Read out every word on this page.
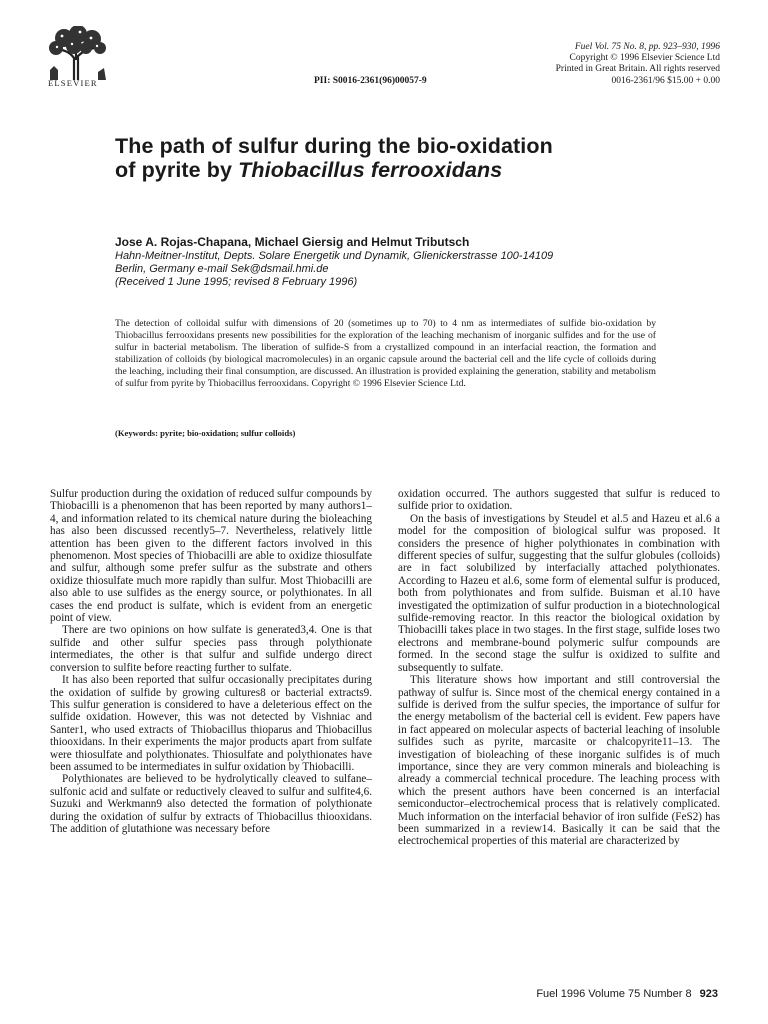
ELSEVIER	PII: S0016-2361(96)00057-9
Fuel Vol. 75 No. 8, pp. 923–930, 1996
Copyright © 1996 Elsevier Science Ltd
Printed in Great Britain. All rights reserved
0016-2361/96 $15.00 + 0.00
The path of sulfur during the bio-oxidation
of pyrite by Thiobacillus ferrooxidans
Jose A. Rojas-Chapana, Michael Giersig and Helmut Tributsch
Hahn-Meitner-Institut, Depts. Solare Energetik und Dynamik, Glienickerstrasse 100-14109
Berlin, Germany e-mail Sek@dsmail.hmi.de
(Received 1 June 1995; revised 8 February 1996)
The detection of colloidal sulfur with dimensions of 20 (sometimes up to 70) to 4 nm as intermediates of sulfide bio-oxidation by Thiobacillus ferrooxidans presents new possibilities for the exploration of the leaching mechanism of inorganic sulfides and for the use of sulfur in bacterial metabolism. The liberation of sulfide-S from a crystallized compound in an interfacial reaction, the formation and stabilization of colloids (by biological macromolecules) in an organic capsule around the bacterial cell and the life cycle of colloids during the leaching, including their final consumption, are discussed. An illustration is provided explaining the generation, stability and metabolism of sulfur from pyrite by Thiobacillus ferrooxidans. Copyright © 1996 Elsevier Science Ltd.
(Keywords: pyrite; bio-oxidation; sulfur colloids)

Sulfur production during the oxidation of reduced sulfur compounds by Thiobacilli is a phenomenon that has been reported by many authors1–4, and information related to its chemical nature during the bioleaching has also been discussed recently5–7. Nevertheless, relatively little attention has been given to the different factors involved in this phenomenon. Most species of Thiobacilli are able to oxidize thiosulfate and sulfur, although some prefer sulfur as the substrate and others oxidize thiosulfate much more rapidly than sulfur. Most Thiobacilli are also able to use sulfides as the energy source, or polythionates. In all cases the end product is sulfate, which is evident from an energetic point of view.

There are two opinions on how sulfate is generated3,4. One is that sulfide and other sulfur species pass through polythionate intermediates, the other is that sulfur and sulfide undergo direct conversion to sulfite before reacting further to sulfate.

It has also been reported that sulfur occasionally precipitates during the oxidation of sulfide by growing cultures8 or bacterial extracts9. This sulfur generation is considered to have a deleterious effect on the sulfide oxidation. However, this was not detected by Vishniac and Santer1, who used extracts of Thiobacillus thioparus and Thiobacillus thiooxidans. In their experiments the major products apart from sulfate were thiosulfate and polythionates. Thiosulfate and polythionates have been assumed to be intermediates in sulfur oxidation by Thiobacilli.

Polythionates are believed to be hydrolytically cleaved to sulfane–sulfonic acid and sulfate or reductively cleaved to sulfur and sulfite4,6. Suzuki and Werkmann9 also detected the formation of polythionate during the oxidation of sulfur by extracts of Thiobacillus thiooxidans. The addition of glutathione was necessary before

oxidation occurred. The authors suggested that sulfur is reduced to sulfide prior to oxidation.

On the basis of investigations by Steudel et al.5 and Hazeu et al.6 a model for the composition of biological sulfur was proposed. It considers the presence of higher polythionates in combination with different species of sulfur, suggesting that the sulfur globules (colloids) are in fact solubilized by interfacially attached polythionates. According to Hazeu et al.6, some form of elemental sulfur is produced, both from polythionates and from sulfide. Buisman et al.10 have investigated the optimization of sulfur production in a biotechnological sulfide-removing reactor. In this reactor the biological oxidation by Thiobacilli takes place in two stages. In the first stage, sulfide loses two electrons and membrane-bound polymeric sulfur compounds are formed. In the second stage the sulfur is oxidized to sulfite and subsequently to sulfate.

This literature shows how important and still controversial the pathway of sulfur is. Since most of the chemical energy contained in a sulfide is derived from the sulfur species, the importance of sulfur for the energy metabolism of the bacterial cell is evident. Few papers have in fact appeared on molecular aspects of bacterial leaching of insoluble sulfides such as pyrite, marcasite or chalcopyrite11–13. The investigation of bioleaching of these inorganic sulfides is of much importance, since they are very common minerals and bioleaching is already a commercial technical procedure. The leaching process with which the present authors have been concerned is an interfacial semiconductor–electrochemical process that is relatively complicated. Much information on the interfacial behavior of iron sulfide (FeS2) has been summarized in a review14. Basically it can be said that the electrochemical properties of this material are characterized by

Fuel 1996 Volume 75 Number 8 923
